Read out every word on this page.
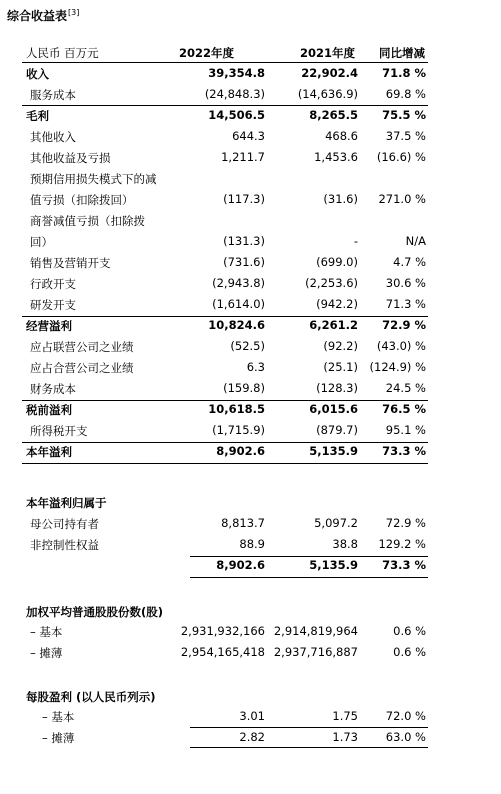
综合收益表[3]
人民币 百万元	2022年度	2021年度 同比增减
收入	39,354.8	22,902.4 71.8 %
服务成本	(24,848.3)	(14,636.9) 69.8 %
毛利	14,506.5	8,265.5 75.5 %
其他收入	644.3	468.6 37.5 %
其他收益及亏损	1,211.7	1,453.6 (16.6) %
预期信用损失模式下的减
值亏损（扣除拨回）	(117.3)	(31.6) 271.0 %
商誉减值亏损（扣除拨
回）	(131.3)	-	N/A
销售及营销开支	(731.6)	(699.0)	4.7 %
行政开支	(2,943.8)	(2,253.6) 30.6 %
研发开支	(1,614.0)	(942.2) 71.3 %
经营溢利	10,824.6	6,261.2 72.9 %
应占联营公司之业绩	(52.5)	(92.2) (43.0) %
应占合营公司之业绩	6.3	(25.1) (124.9) %
财务成本	(159.8)	(128.3) 24.5 %
税前溢利	10,618.5	6,015.6 76.5 %
所得税开支	(1,715.9)	(879.7) 95.1 %
本年溢利	8,902.6	5,135.9 73.3 %
本年溢利归属于
母公司持有者	8,813.7	5,097.2 72.9 %
非控制性权益	88.9	38.8 129.2 %
8,902.6	5,135.9 73.3 %
加权平均普通股股份数(股)
– 基本	2,931,932,166 2,914,819,964	0.6 %
– 摊薄	2,954,165,418 2,937,716,887	0.6 %
每股盈利 (以人民币列示)
– 基本	3.01	1.75 72.0 %
– 摊薄	2.82	1.73 63.0 %
